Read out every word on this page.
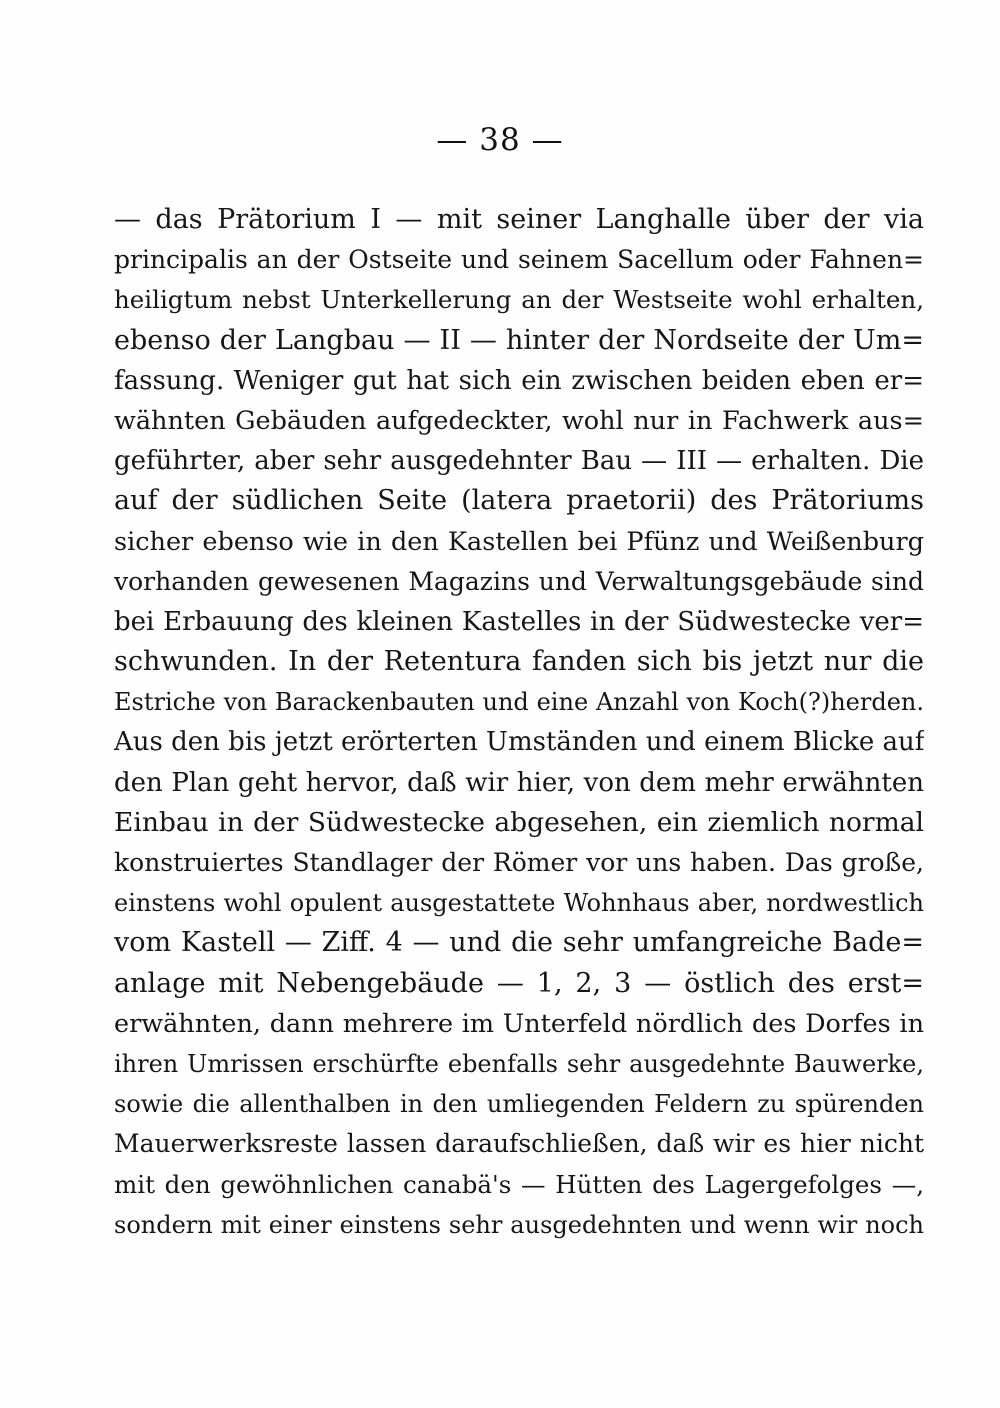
— 38 —
— das Prätorium I — mit seiner Langhalle über der via
principalis an der Ostseite und seinem Sacellum oder Fahnen=
heiligtum nebst Unterkellerung an der Westseite wohl erhalten,
ebenso der Langbau — II — hinter der Nordseite der Um=
fassung. Weniger gut hat sich ein zwischen beiden eben er=
wähnten Gebäuden aufgedeckter, wohl nur in Fachwerk aus=
geführter, aber sehr ausgedehnter Bau — III — erhalten. Die
auf der südlichen Seite (latera praetorii) des Prätoriums
sicher ebenso wie in den Kastellen bei Pfünz und Weißenburg
vorhanden gewesenen Magazins und Verwaltungsgebäude sind
bei Erbauung des kleinen Kastelles in der Südwestecke ver=
schwunden. In der Retentura fanden sich bis jetzt nur die
Estriche von Barackenbauten und eine Anzahl von Koch(?)herden.
Aus den bis jetzt erörterten Umständen und einem Blicke auf
den Plan geht hervor, daß wir hier, von dem mehr erwähnten
Einbau in der Südwestecke abgesehen, ein ziemlich normal
konstruiertes Standlager der Römer vor uns haben. Das große,
einstens wohl opulent ausgestattete Wohnhaus aber, nordwestlich
vom Kastell — Ziff. 4 — und die sehr umfangreiche Bade=
anlage mit Nebengebäude — 1, 2, 3 — östlich des erst=
erwähnten, dann mehrere im Unterfeld nördlich des Dorfes in
ihren Umrissen erschürfte ebenfalls sehr ausgedehnte Bauwerke,
sowie die allenthalben in den umliegenden Feldern zu spürenden
Mauerwerksreste lassen daraufschließen, daß wir es hier nicht
mit den gewöhnlichen canabä's — Hütten des Lagergefolges —,
sondern mit einer einstens sehr ausgedehnten und wenn wir noch
